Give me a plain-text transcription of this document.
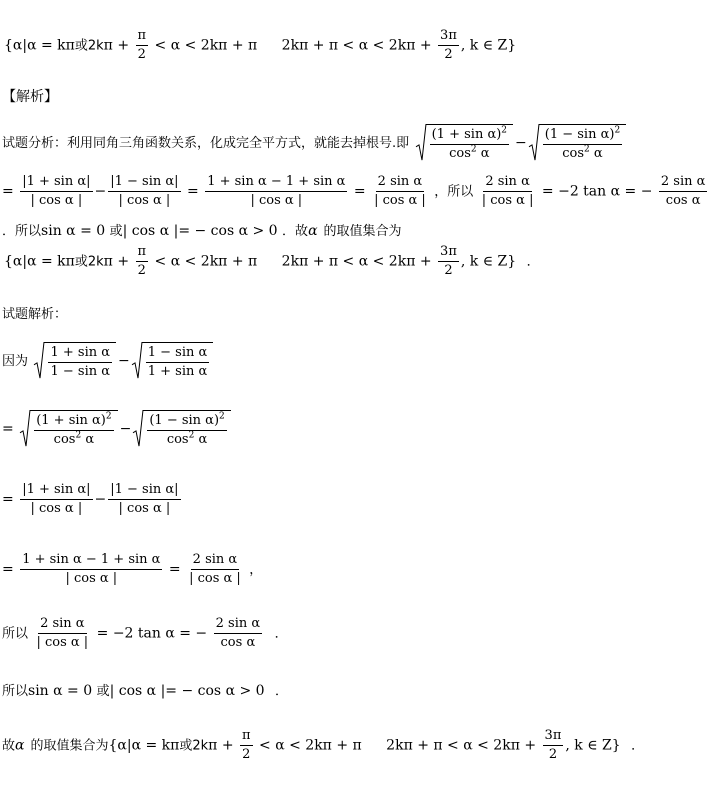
{α|α = kπ或$2k\pi + \frac{\pi}{2} < \alpha < 2k\pi + \pi$ $2k\pi + \pi < \alpha < 2k\pi + \frac{3\pi}{2}$ , k ∈ Z}
【解析】
试题分析：利用同角三角函数关系，化成完全平方式，就能去掉根号.即 $\frac{(1 + \sin \alpha)^2}{\cos^2 \alpha} - \frac{(1 - \sin \alpha)^2}{\cos^2 \alpha}$
= $\frac{\text{|1 + sin α|}}{\text{| cos α |}} - \frac{\text{|1 − sin α|}}{\text{| cos α |}} = \frac{\text{1 + sin α − 1 + sin α}}{\text{| cos α |}} = \frac{\text{2 sin α}}{\text{| cos α |}}$ ，所以 $\frac{\text{2 sin α}}{\text{| cos α |}} = -2$ tan α = − $\frac{\text{2 sin α}}{\text{cos α}}$
．所以sin α = 0 或| cos α |= − cos α > 0 ．故α 的取值集合为
{α|α = kπ或$2k\pi + \frac{\pi}{2} < \alpha < 2k\pi + \pi$ $2k\pi + \pi < \alpha < 2k\pi + \frac{3\pi}{2}$ , k ∈ Z} ．
试题解析：
因为 $\frac{\text{1 + sin α}}{\text{1 − sin α}} - \frac{\text{1 − sin α}}{\text{1 + sin α}}$
= $\frac{(1 + \sin \alpha)^2}{\cos^2 \alpha} - \frac{(1 - \sin \alpha)^2}{\cos^2 \alpha}$
= $\frac{\text{|1 + sin α|}}{\text{| cos α |}} - \frac{\text{|1 − sin α|}}{\text{| cos α |}}$
= $\frac{\text{1 + sin α − 1 + sin α}}{\text{| cos α |}} = \frac{\text{2 sin α}}{\text{| cos α |}}$ ，
所以 $\frac{\text{2 sin α}}{\text{| cos α |}} = -2$ tan α = − $\frac{\text{2 sin α}}{\text{cos α}}$ ．
所以sin α = 0 或| cos α |= − cos α > 0 ．
故α 的取值集合为{α|α = kπ或$2k\pi + \frac{\pi}{2} < \alpha < 2k\pi + \pi$ $2k\pi + \pi < \alpha < 2k\pi + \frac{3\pi}{2}$ , k ∈ Z} ．
